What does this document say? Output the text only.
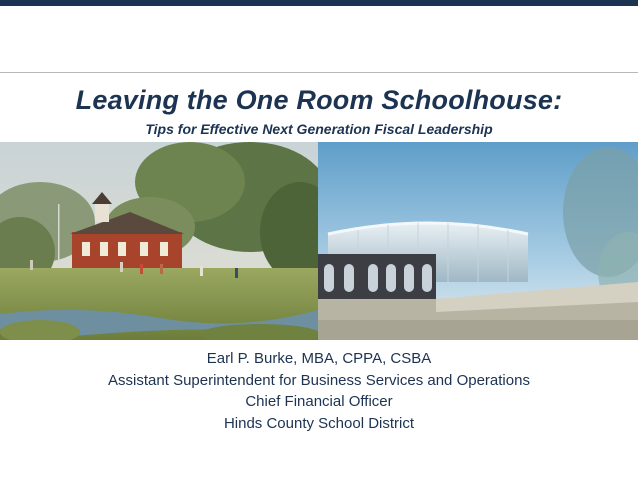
Leaving the One Room Schoolhouse:
Tips for Effective Next Generation Fiscal Leadership
Earl P. Burke, MBA, CPPA, CSBA
Assistant Superintendent for Business Services and Operations
Chief Financial Officer
Hinds County School District
